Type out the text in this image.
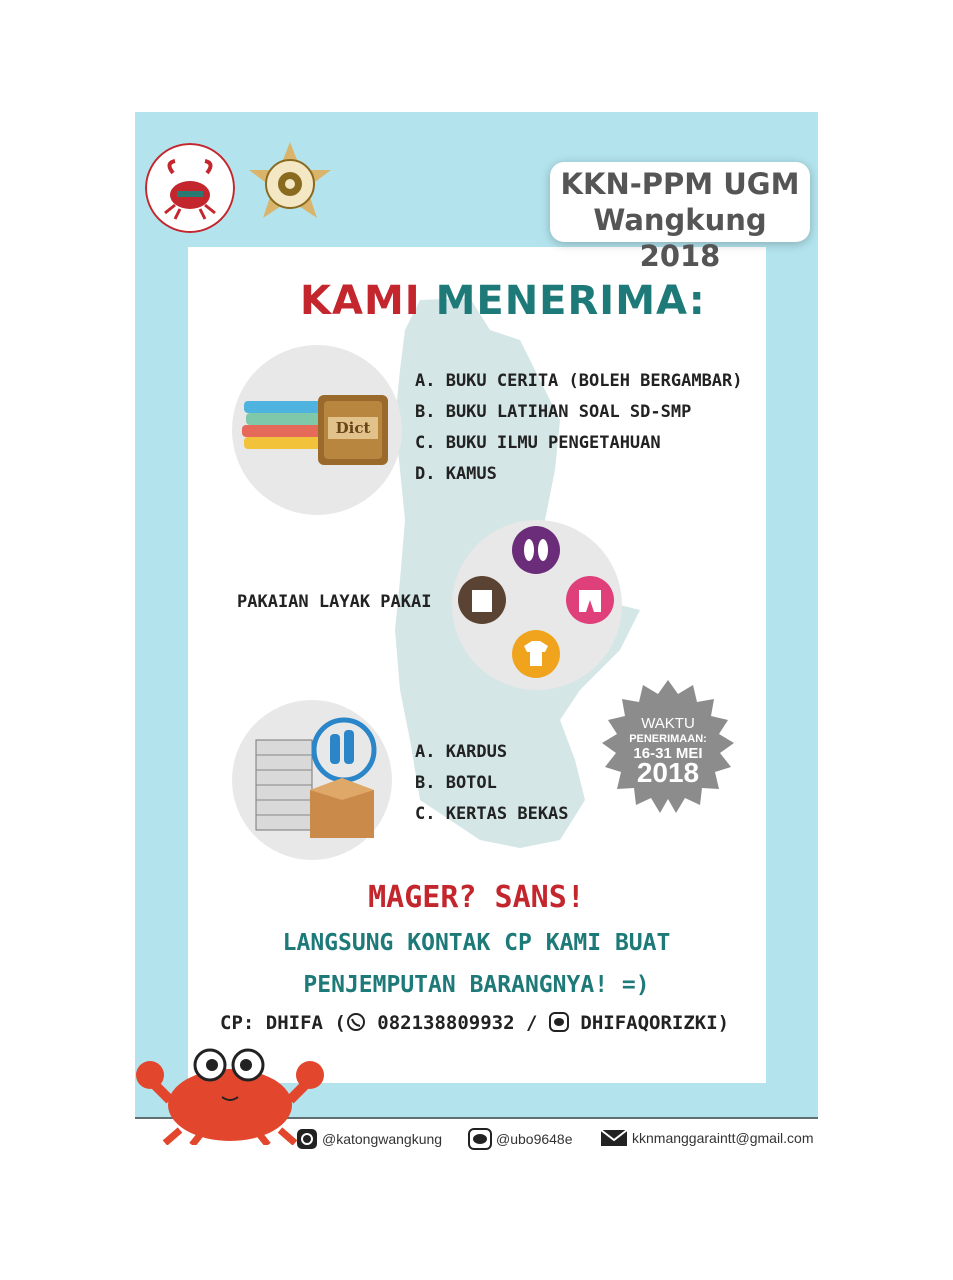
KKN-PPM UGM
Wangkung 2018
KAMI MENERIMA:
Dict
A. BUKU CERITA (BOLEH BERGAMBAR)
B. BUKU LATIHAN SOAL SD-SMP
C. BUKU ILMU PENGETAHUAN
D. KAMUS
PAKAIAN LAYAK PAKAI
A. KARDUS
B. BOTOL
C. KERTAS BEKAS
WAKTU
PENERIMAAN:
16-31 MEI
2018
MAGER? SANS!
LANGSUNG KONTAK CP KAMI BUAT
PENJEMPUTAN BARANGNYA! =)
CP: DHIFA ( 082138809932 / DHIFAQORIZKI)
@katongwangkung	@ubo9648e	kknmanggaraintt@gmail.com
